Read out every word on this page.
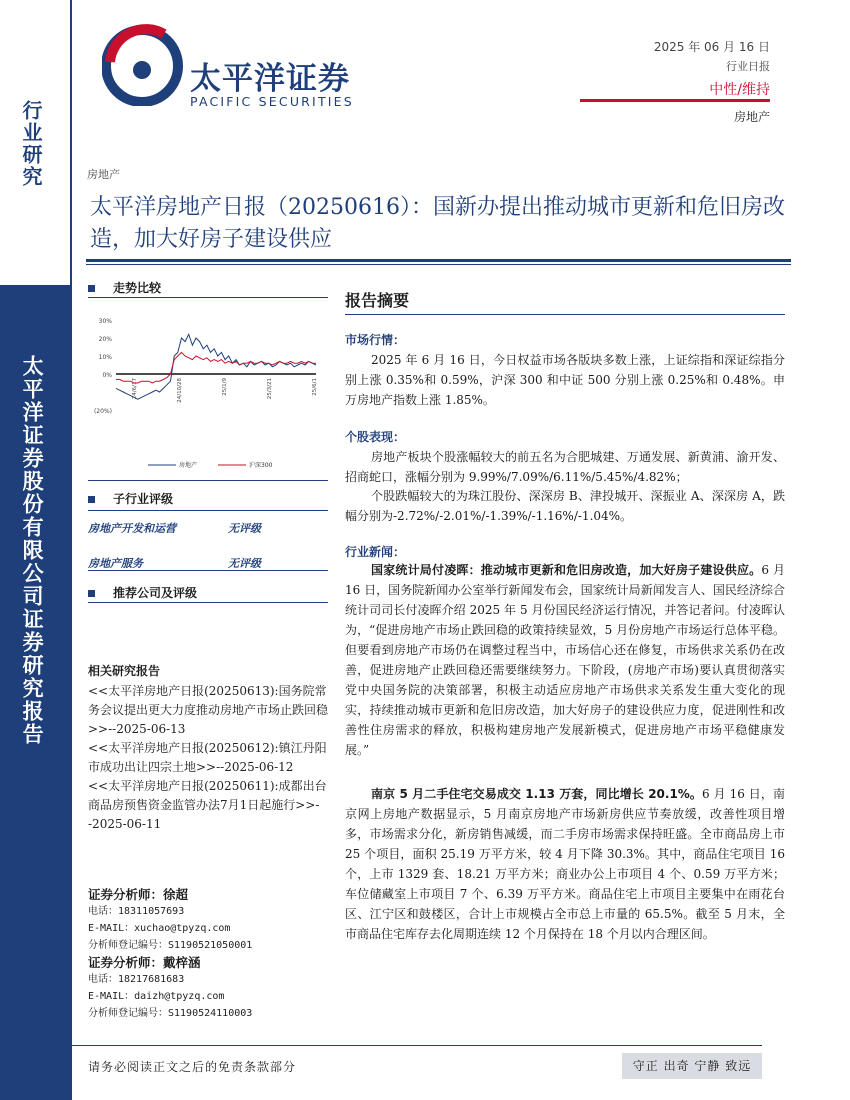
行业研究
太平洋证券股份有限公司证券研究报告
太平洋证券
PACIFIC SECURITIES
2025 年 06 月 16 日
行业日报
中性/维持
房地产
房地产
太平洋房地产日报（20250616）：国新办提出推动城市更新和危旧房改造，加大好房子建设供应
走势比较
30%
20%
10%
0%
(20%)
24/6/17	24/10/28	25/1/9	25/3/21	25/6/1
房地产	沪深300
子行业评级
房地产开发和运营	无评级
房地产服务	无评级
推荐公司及评级
相关研究报告
<<太平洋房地产日报(20250613):国务院常务会议提出更大力度推动房地产市场止跌回稳>>--2025-06-13
<<太平洋房地产日报(20250612):镇江丹阳市成功出让四宗土地>>--2025-06-12
<<太平洋房地产日报(20250611):成都出台商品房预售资金监管办法7月1日起施行>>--2025-06-11
证券分析师：徐超
电话：18311057693
E-MAIL：xuchao@tpyzq.com
分析师登记编号：S1190521050001
证券分析师：戴梓涵
电话：18217681683
E-MAIL：daizh@tpyzq.com
分析师登记编号：S1190524110003
报告摘要
市场行情：
2025 年 6 月 16 日，今日权益市场各版块多数上涨，上证综指和深证综指分别上涨 0.35%和 0.59%，沪深 300 和中证 500 分别上涨 0.25%和 0.48%。申万房地产指数上涨 1.85%。
个股表现：
房地产板块个股涨幅较大的前五名为合肥城建、万通发展、新黄浦、渝开发、招商蛇口，涨幅分别为 9.99%/7.09%/6.11%/5.45%/4.82%；
个股跌幅较大的为珠江股份、深深房 B、津投城开、深振业 A、深深房 A，跌幅分别为-2.72%/-2.01%/-1.39%/-1.16%/-1.04%。
行业新闻：
国家统计局付凌晖：推动城市更新和危旧房改造，加大好房子建设供应。6 月 16 日，国务院新闻办公室举行新闻发布会，国家统计局新闻发言人、国民经济综合统计司司长付凌晖介绍 2025 年 5 月份国民经济运行情况，并答记者问。付凌晖认为，“促进房地产市场止跌回稳的政策持续显效，5 月份房地产市场运行总体平稳。但要看到房地产市场仍在调整过程当中，市场信心还在修复，市场供求关系仍在改善，促进房地产止跌回稳还需要继续努力。下阶段，(房地产市场)要认真贯彻落实党中央国务院的决策部署，积极主动适应房地产市场供求关系发生重大变化的现实，持续推动城市更新和危旧房改造，加大好房子的建设供应力度，促进刚性和改善性住房需求的释放，积极构建房地产发展新模式，促进房地产市场平稳健康发展。”
南京 5 月二手住宅交易成交 1.13 万套，同比增长 20.1%。6 月 16 日，南京网上房地产数据显示，5 月南京房地产市场新房供应节奏放缓，改善性项目增多，市场需求分化，新房销售减缓，而二手房市场需求保持旺盛。全市商品房上市 25 个项目，面积 25.19 万平方米，较 4 月下降 30.3%。其中，商品住宅项目 16 个，上市 1329 套、18.21 万平方米；商业办公上市项目 4 个、0.59 万平方米；车位储藏室上市项目 7 个、6.39 万平方米。商品住宅上市项目主要集中在雨花台区、江宁区和鼓楼区，合计上市规模占全市总上市量的 65.5%。截至 5 月末，全市商品住宅库存去化周期连续 12 个月保持在 18 个月以内合理区间。
请务必阅读正文之后的免责条款部分	守正 出奇 宁静 致远
